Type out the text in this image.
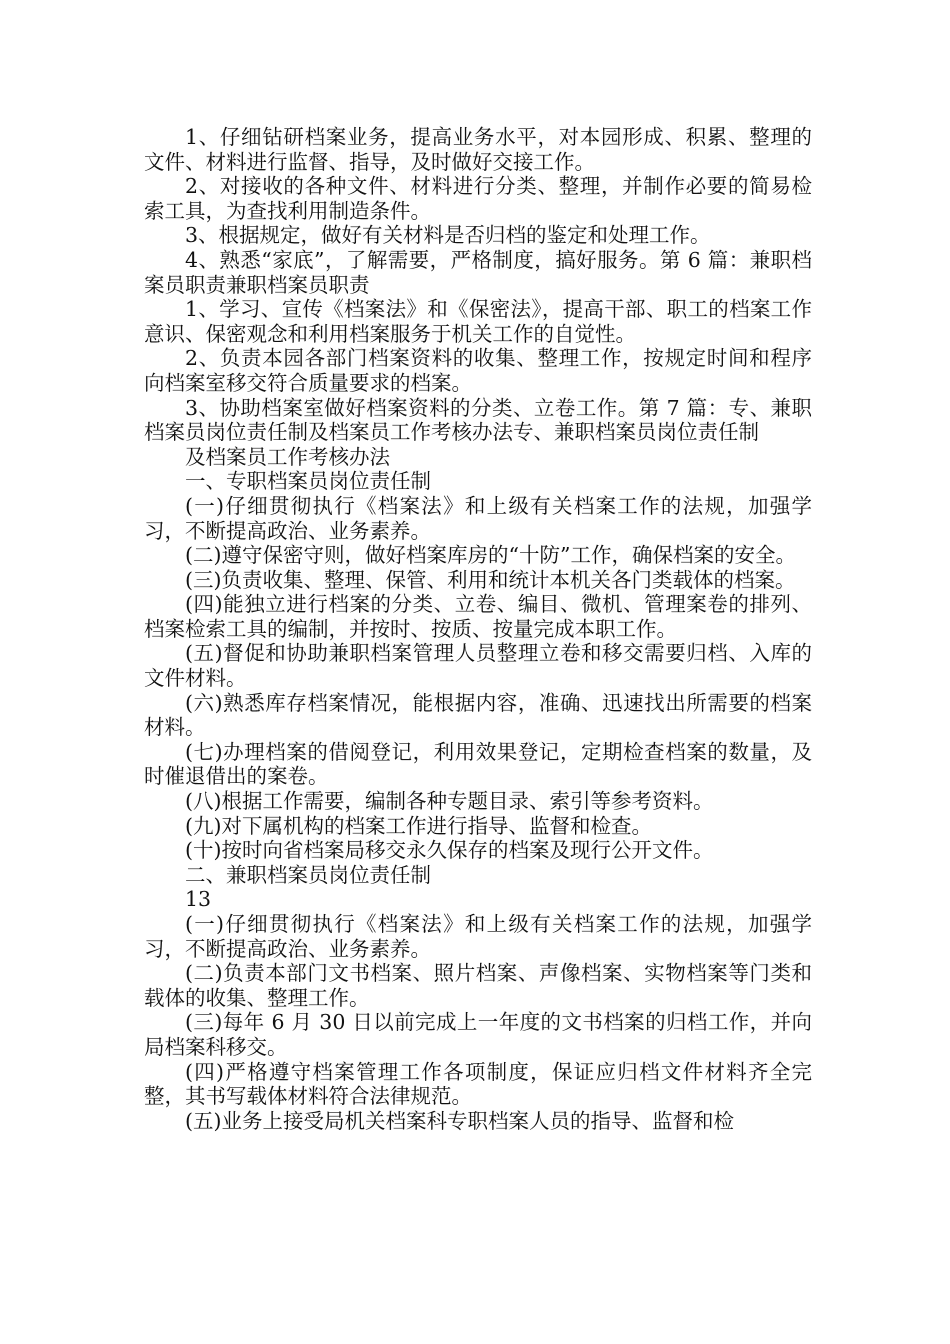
1、仔细钻研档案业务，提高业务水平，对本园形成、积累、整理的文件、材料进行监督、指导，及时做好交接工作。

2、对接收的各种文件、材料进行分类、整理，并制作必要的简易检索工具，为查找利用制造条件。

3、根据规定，做好有关材料是否归档的鉴定和处理工作。

4、熟悉“家底”，了解需要，严格制度，搞好服务。第 6 篇：兼职档案员职责兼职档案员职责

1、学习、宣传《档案法》和《保密法》，提高干部、职工的档案工作意识、保密观念和利用档案服务于机关工作的自觉性。

2、负责本园各部门档案资料的收集、整理工作，按规定时间和程序向档案室移交符合质量要求的档案。

3、协助档案室做好档案资料的分类、立卷工作。第 7 篇：专、兼职档案员岗位责任制及档案员工作考核办法专、兼职档案员岗位责任制

及档案员工作考核办法

一、专职档案员岗位责任制

(一)仔细贯彻执行《档案法》和上级有关档案工作的法规，加强学习，不断提高政治、业务素养。

(二)遵守保密守则，做好档案库房的“十防”工作，确保档案的安全。

(三)负责收集、整理、保管、利用和统计本机关各门类载体的档案。

(四)能独立进行档案的分类、立卷、编目、微机、管理案卷的排列、档案检索工具的编制，并按时、按质、按量完成本职工作。

(五)督促和协助兼职档案管理人员整理立卷和移交需要归档、入库的文件材料。

(六)熟悉库存档案情况，能根据内容，准确、迅速找出所需要的档案材料。

(七)办理档案的借阅登记，利用效果登记，定期检查档案的数量，及时催退借出的案卷。

(八)根据工作需要，编制各种专题目录、索引等参考资料。

(九)对下属机构的档案工作进行指导、监督和检查。

(十)按时向省档案局移交永久保存的档案及现行公开文件。

二、兼职档案员岗位责任制

13

(一)仔细贯彻执行《档案法》和上级有关档案工作的法规，加强学习，不断提高政治、业务素养。

(二)负责本部门文书档案、照片档案、声像档案、实物档案等门类和载体的收集、整理工作。

(三)每年 6 月 30 日以前完成上一年度的文书档案的归档工作，并向局档案科移交。

(四)严格遵守档案管理工作各项制度，保证应归档文件材料齐全完整，其书写载体材料符合法律规范。

(五)业务上接受局机关档案科专职档案人员的指导、监督和检
